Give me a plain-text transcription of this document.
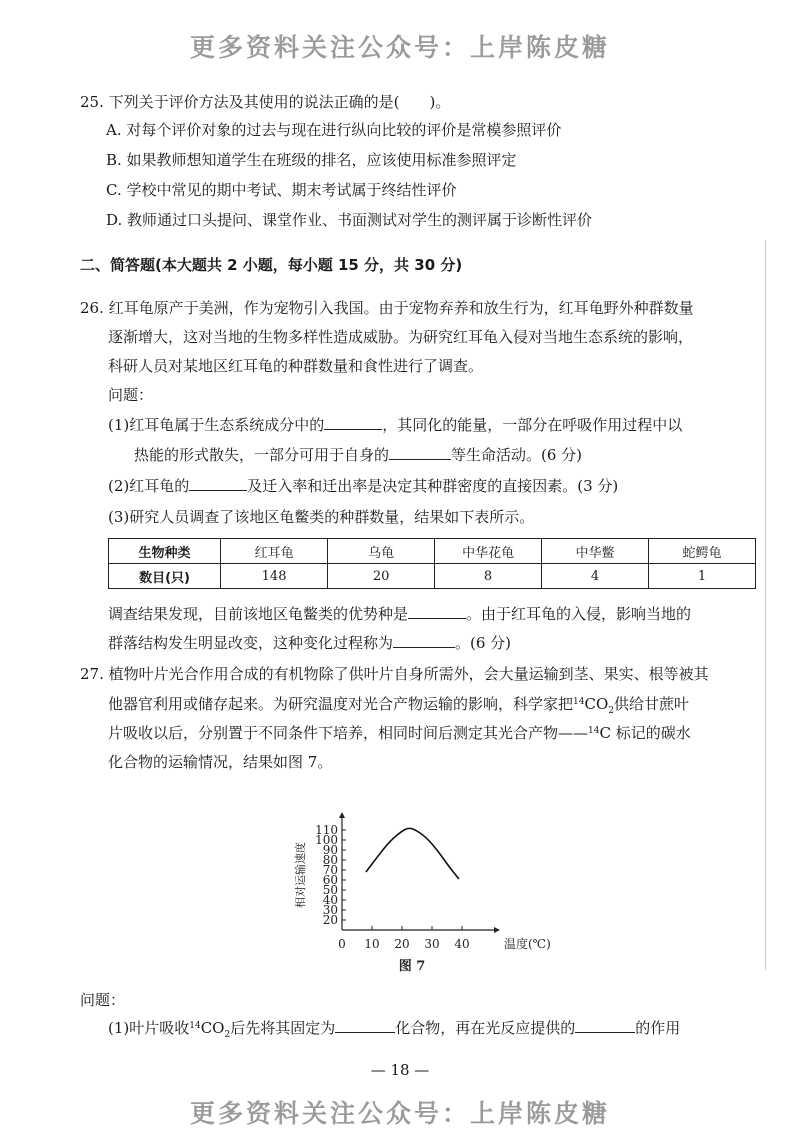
更多资料关注公众号：上岸陈皮糖
25. 下列关于评价方法及其使用的说法正确的是(　　)。
A. 对每个评价对象的过去与现在进行纵向比较的评价是常模参照评价
B. 如果教师想知道学生在班级的排名，应该使用标准参照评定
C. 学校中常见的期中考试、期末考试属于终结性评价
D. 教师通过口头提问、课堂作业、书面测试对学生的测评属于诊断性评价
二、简答题(本大题共 2 小题，每小题 15 分，共 30 分)
26. 红耳龟原产于美洲，作为宠物引入我国。由于宠物弃养和放生行为，红耳龟野外种群数量
逐渐增大，这对当地的生物多样性造成威胁。为研究红耳龟入侵对当地生态系统的影响，
科研人员对某地区红耳龟的种群数量和食性进行了调查。
问题：
(1)红耳龟属于生态系统成分中的	，其同化的能量，一部分在呼吸作用过程中以
热能的形式散失，一部分可用于自身的	等生命活动。(6 分)
(2)红耳龟的	及迁入率和迁出率是决定其种群密度的直接因素。(3 分)
(3)研究人员调查了该地区龟鳖类的种群数量，结果如下表所示。
生物种类	红耳龟	乌龟	中华花龟	中华鳖	蛇鳄龟
数目(只)	148	20	8	4	1
调查结果发现，目前该地区龟鳖类的优势种是	。由于红耳龟的入侵，影响当地的
群落结构发生明显改变，这种变化过程称为	。(6 分)
27. 植物叶片光合作用合成的有机物除了供叶片自身所需外，会大量运输到茎、果实、根等被其
他器官利用或储存起来。为研究温度对光合产物运输的影响，科学家把$^{14}CO_2$供给甘蔗叶
片吸收以后，分别置于不同条件下培养，相同时间后测定其光合产物——$^{14}$C 标记的碳水
化合物的运输情况，结果如图 7。
20
30
40
50
60
70
80
90
100
110
0 10 20 30 40	温度(℃)
相对运输速度
图 7
问题：
(1)叶片吸收$^{14}CO_2$后先将其固定为	化合物，再在光反应提供的	的作用
— 18 —
更多资料关注公众号：上岸陈皮糖
